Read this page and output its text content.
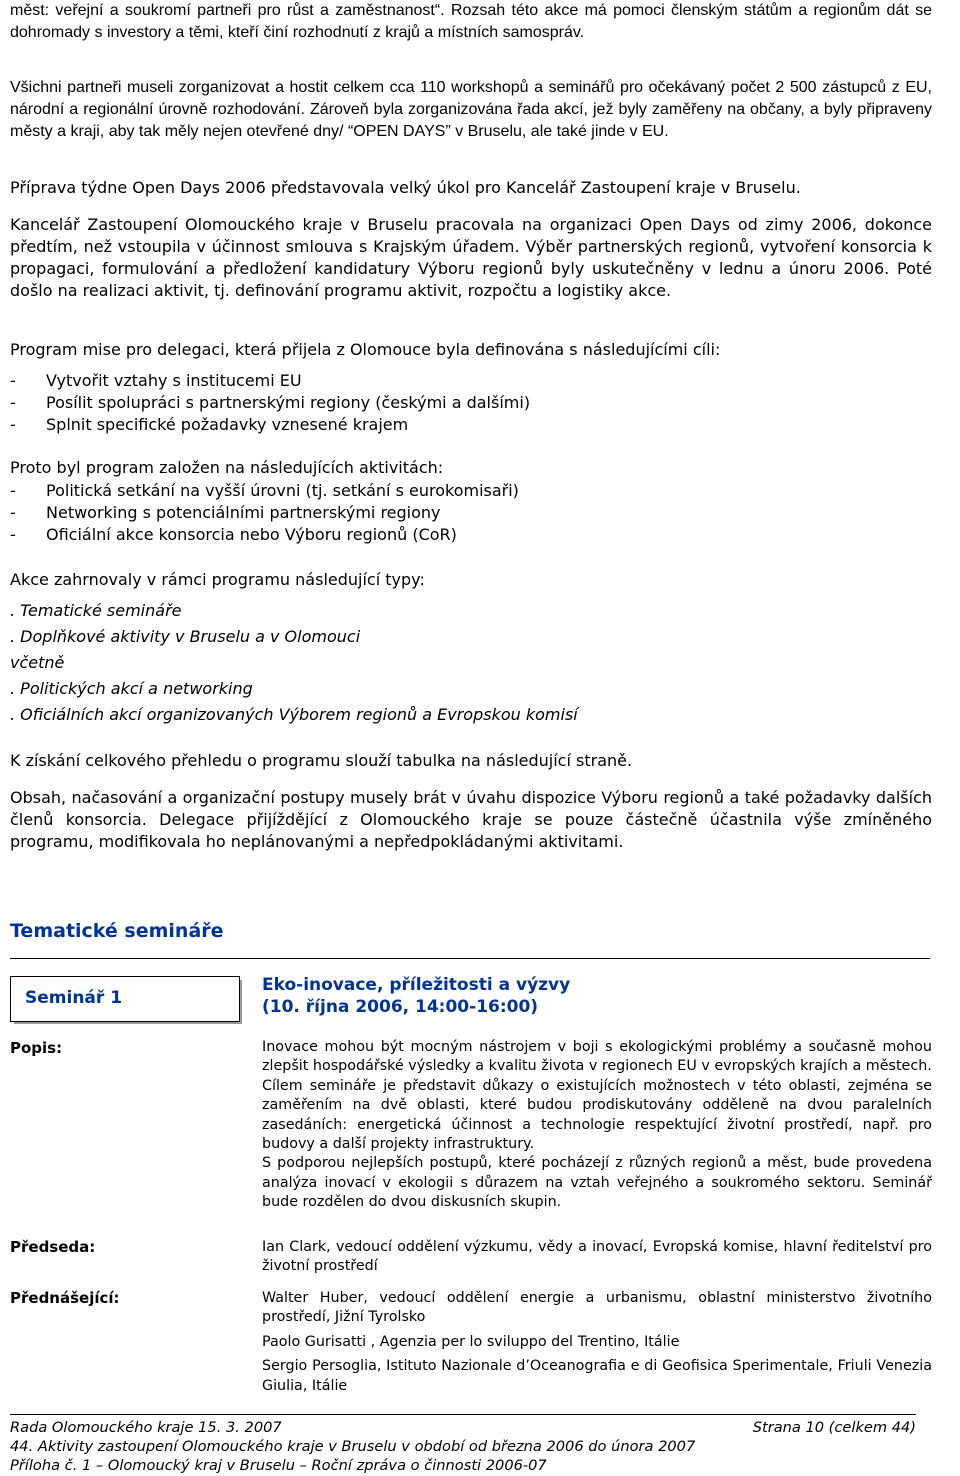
měst: veřejní a soukromí partneři pro růst a zaměstnanost“. Rozsah této akce má pomoci členským státům a regionům dát se dohromady s investory a těmi, kteří činí rozhodnutí z krajů a místních samospráv.

Všichni partneři museli zorganizovat a hostit celkem cca 110 workshopů a seminářů pro očekávaný počet 2 500 zástupců z EU, národní a regionální úrovně rozhodování. Zároveň byla zorganizována řada akcí, jež byly zaměřeny na občany, a byly připraveny městy a kraji, aby tak měly nejen otevřené dny/ “OPEN DAYS” v Bruselu, ale také jinde v EU.

Příprava týdne Open Days 2006 představovala velký úkol pro Kancelář Zastoupení kraje v Bruselu.

Kancelář Zastoupení Olomouckého kraje v Bruselu pracovala na organizaci Open Days od zimy 2006, dokonce předtím, než vstoupila v účinnost smlouva s Krajským úřadem. Výběr partnerských regionů, vytvoření konsorcia k propagaci, formulování a předložení kandidatury Výboru regionů byly uskutečněny v lednu a únoru 2006. Poté došlo na realizaci aktivit, tj. definování programu aktivit, rozpočtu a logistiky akce.

Program mise pro delegaci, která přijela z Olomouce byla definována s následujícími cíli:

-	Vytvořit vztahy s institucemi EU
-	Posílit spolupráci s partnerskými regiony (českými a dalšími)
-	Splnit specifické požadavky vznesené krajem

Proto byl program založen na následujících aktivitách:

-	Politická setkání na vyšší úrovni (tj. setkání s eurokomisaři)
-	Networking s potenciálními partnerskými regiony
-	Oficiální akce konsorcia nebo Výboru regionů (CoR)

Akce zahrnovaly v rámci programu následující typy:

. Tematické semináře

. Doplňkové aktivity v Bruselu a v Olomouci

včetně

. Politických akcí a networking

. Oficiálních akcí organizovaných Výborem regionů a Evropskou komisí

K získání celkového přehledu o programu slouží tabulka na následující straně.

Obsah, načasování a organizační postupy musely brát v úvahu dispozice Výboru regionů a také požadavky dalších členů konsorcia. Delegace přijíždějící z Olomouckého kraje se pouze částečně účastnila výše zmíněného programu, modifikovala ho neplánovanými a nepředpokládanými aktivitami.

Tematické semináře
Seminář 1

Eko-inovace, příležitosti a výzvy
(10. října 2006, 14:00-16:00)

Popis:	Inovace mohou být mocným nástrojem v boji s ekologickými problémy a současně mohou zlepšit hospodářské výsledky a kvalitu života v regionech EU v evropských krajích a městech.
Cílem semináře je představit důkazy o existujících možnostech v této oblasti, zejména se zaměřením na dvě oblasti, které budou prodiskutovány odděleně na dvou paralelních zasedáních: energetická účinnost a technologie respektující životní prostředí, např. pro budovy a další projekty infrastruktury.
S podporou nejlepších postupů, které pocházejí z různých regionů a měst, bude provedena analýza inovací v ekologii s důrazem na vztah veřejného a soukromého sektoru. Seminář bude rozdělen do dvou diskusních skupin.

Předseda:	Ian Clark, vedoucí oddělení výzkumu, vědy a inovací, Evropská komise, hlavní ředitelství pro životní prostředí

Přednášející:	Walter Huber, vedoucí oddělení energie a urbanismu, oblastní ministerstvo životního prostředí, Jižní Tyrolsko
Paolo Gurisatti , Agenzia per lo sviluppo del Trentino, Itálie
Sergio Persoglia, Istituto Nazionale d’Oceanografia e di Geofisica Sperimentale, Friuli Venezia Giulia, Itálie
Rada Olomouckého kraje 15. 3. 2007	Strana 10 (celkem 44)

44. Aktivity zastoupení Olomouckého kraje v Bruselu v období od března 2006 do února 2007

Příloha č. 1 – Olomoucký kraj v Bruselu – Roční zpráva o činnosti 2006-07
